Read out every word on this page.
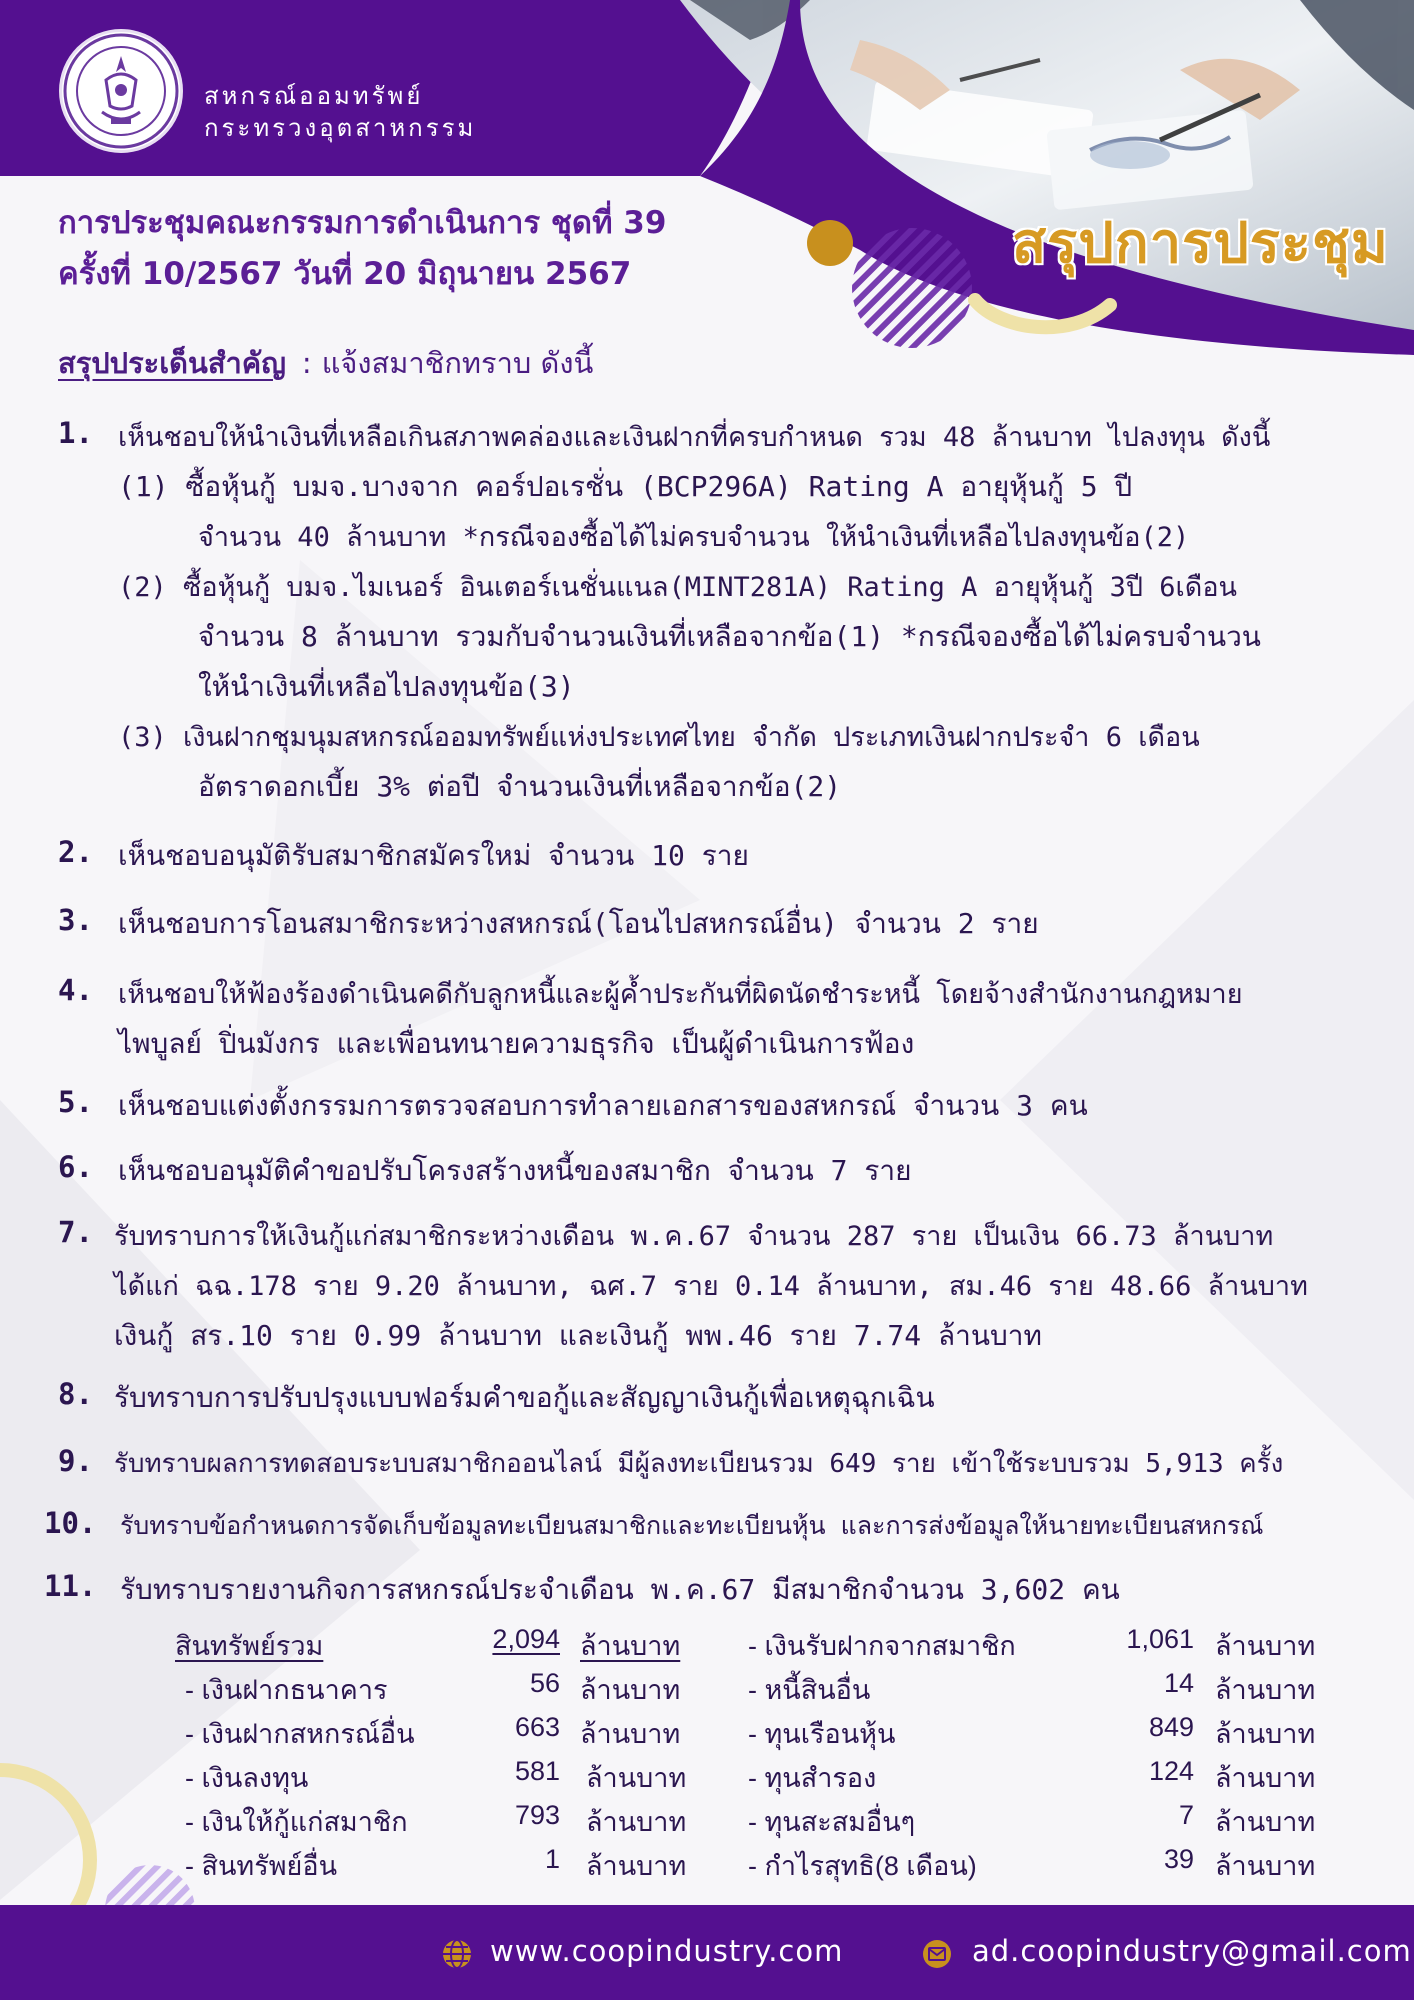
สหกรณ์ออมทรัพย์
กระทรวงอุตสาหกรรม
การประชุมคณะกรรมการดำเนินการ ชุดที่ 39
ครั้งที่ 10/2567 วันที่ 20 มิถุนายน 2567	สรุปการประชุม
สรุปประเด็นสำคัญ : แจ้งสมาชิกทราบ ดังนี้
1. เห็นชอบให้นำเงินที่เหลือเกินสภาพคล่องและเงินฝากที่ครบกำหนด รวม 48 ล้านบาท ไปลงทุน ดังนี้
(1) ซื้อหุ้นกู้ บมจ.บางจาก คอร์ปอเรชั่น (BCP296A) Rating A อายุหุ้นกู้ 5 ปี
จำนวน 40 ล้านบาท *กรณีจองซื้อได้ไม่ครบจำนวน ให้นำเงินที่เหลือไปลงทุนข้อ(2)
(2) ซื้อหุ้นกู้ บมจ.ไมเนอร์ อินเตอร์เนชั่นแนล(MINT281A) Rating A อายุหุ้นกู้ 3ปี 6เดือน
จำนวน 8 ล้านบาท รวมกับจำนวนเงินที่เหลือจากข้อ(1) *กรณีจองซื้อได้ไม่ครบจำนวน
ให้นำเงินที่เหลือไปลงทุนข้อ(3)
(3) เงินฝากชุมนุมสหกรณ์ออมทรัพย์แห่งประเทศไทย จำกัด ประเภทเงินฝากประจำ 6 เดือน
อัตราดอกเบี้ย 3% ต่อปี จำนวนเงินที่เหลือจากข้อ(2)
2. เห็นชอบอนุมัติรับสมาชิกสมัครใหม่ จำนวน 10 ราย
3. เห็นชอบการโอนสมาชิกระหว่างสหกรณ์(โอนไปสหกรณ์อื่น) จำนวน 2 ราย
4. เห็นชอบให้ฟ้องร้องดำเนินคดีกับลูกหนี้และผู้ค้ำประกันที่ผิดนัดชำระหนี้ โดยจ้างสำนักงานกฎหมาย
ไพบูลย์ ปิ่นมังกร และเพื่อนทนายความธุรกิจ เป็นผู้ดำเนินการฟ้อง
5. เห็นชอบแต่งตั้งกรรมการตรวจสอบการทำลายเอกสารของสหกรณ์ จำนวน 3 คน
6. เห็นชอบอนุมัติคำขอปรับโครงสร้างหนี้ของสมาชิก จำนวน 7 ราย
7. รับทราบการให้เงินกู้แก่สมาชิกระหว่างเดือน พ.ค.67 จำนวน 287 ราย เป็นเงิน 66.73 ล้านบาท
ได้แก่ ฉฉ.178 ราย 9.20 ล้านบาท, ฉศ.7 ราย 0.14 ล้านบาท, สม.46 ราย 48.66 ล้านบาท
เงินกู้ สร.10 ราย 0.99 ล้านบาท และเงินกู้ พพ.46 ราย 7.74 ล้านบาท
8. รับทราบการปรับปรุงแบบฟอร์มคำขอกู้และสัญญาเงินกู้เพื่อเหตุฉุกเฉิน
9. รับทราบผลการทดสอบระบบสมาชิกออนไลน์ มีผู้ลงทะเบียนรวม 649 ราย เข้าใช้ระบบรวม 5,913 ครั้ง
10. รับทราบข้อกำหนดการจัดเก็บข้อมูลทะเบียนสมาชิกและทะเบียนหุ้น และการส่งข้อมูลให้นายทะเบียนสหกรณ์
11. รับทราบรายงานกิจการสหกรณ์ประจำเดือน พ.ค.67 มีสมาชิกจำนวน 3,602 คน
สินทรัพย์รวม	2,094 ล้านบาท
- เงินฝากธนาคาร	56 ล้านบาท
- เงินฝากสหกรณ์อื่น	663 ล้านบาท
- เงินลงทุน	581 ล้านบาท
- เงินให้กู้แก่สมาชิก	793 ล้านบาท
- สินทรัพย์อื่น	1 ล้านบาท
- เงินรับฝากจากสมาชิก	1,061 ล้านบาท
- หนี้สินอื่น	14 ล้านบาท
- ทุนเรือนหุ้น	849 ล้านบาท
- ทุนสำรอง	124 ล้านบาท
- ทุนสะสมอื่นๆ	7 ล้านบาท
- กำไรสุทธิ(8 เดือน)	39 ล้านบาท
www.coopindustry.com	ad.coopindustry@gmail.com
